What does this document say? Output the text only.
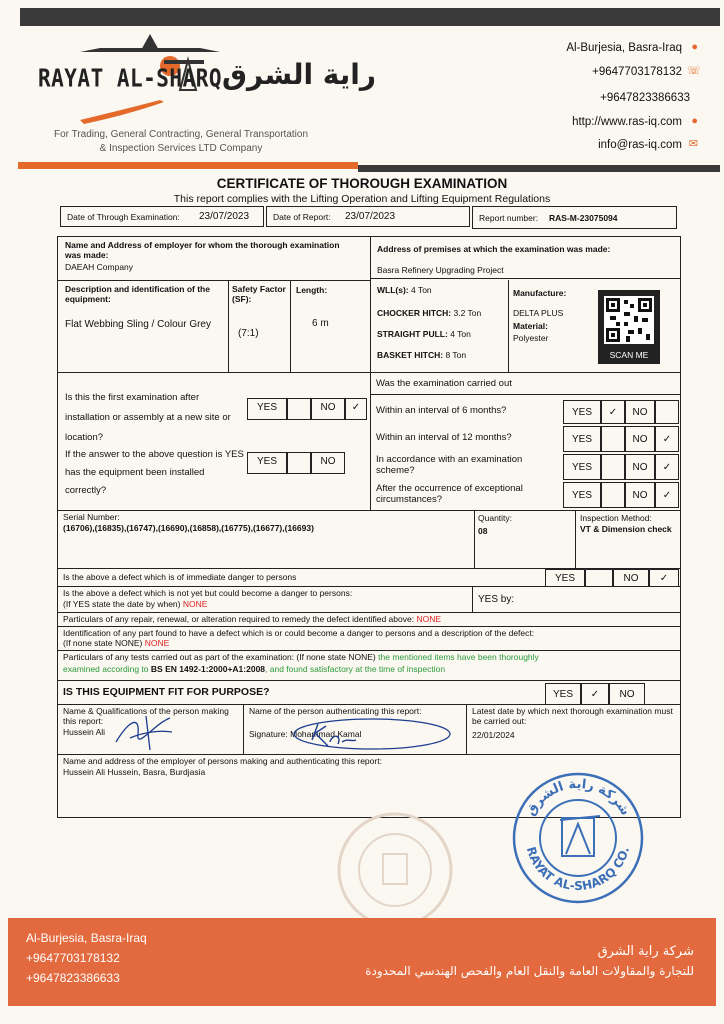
RAYAT AL-SHARQ راية الشرق
For Trading, General Contracting, General Transportation
& Inspection Services LTD Company
Al-Burjesia, Basra-Iraq ●
+9647703178132 ☏
+9647823386633
http://www.ras-iq.com ●
info@ras-iq.com ✉
CERTIFICATE OF THOROUGH EXAMINATION
This report complies with the Lifting Operation and Lifting Equipment Regulations
Date of Through Examination: 23/07/2023	Date of Report: 23/07/2023	Report number: RAS-M-23075094
Name and Address of employer for whom the thorough examination was made:
DAEAH Company
Address of premises at which the examination was made:
Basra Refinery Upgrading Project
Description and identification of the equipment:
Flat Webbing Sling / Colour Grey
Safety Factor (SF):
(7:1)
Length:
6 m
WLL(s): 4 Ton
CHOCKER HITCH: 3.2 Ton
STRAIGHT PULL: 4 Ton
BASKET HITCH: 8 Ton
Manufacture:
DELTA PLUS
Material:
Polyester
SCAN ME
Is this the first examination after installation or assembly at a new site or location?
YES	NO	✓
If the answer to the above question is YES has the equipment been installed correctly?
YES	NO
Was the examination carried out
Within an interval of 6 months?	YES	✓	NO
Within an interval of 12 months?	YES	NO	✓
In accordance with an examination scheme?	YES	NO	✓
After the occurrence of exceptional circumstances?	YES	NO	✓
Serial Number:
(16706),(16835),(16747),(16690),(16858),(16775),(16677),(16693)
Quantity:
08
Inspection Method:
VT & Dimension check
Is the above a defect which is of immediate danger to persons	YES	NO	✓
Is the above a defect which is not yet but could become a danger to persons:
(If YES state the date by when) NONE	YES by:
Particulars of any repair, renewal, or alteration required to remedy the defect identified above: NONE
Identification of any part found to have a defect which is or could become a danger to persons and a description of the defect:
(If none state NONE) NONE
Particulars of any tests carried out as part of the examination: (If none state NONE) the mentioned items have been thoroughly
examined according to BS EN 1492-1:2000+A1:2008, and found satisfactory at the time of inspection
IS THIS EQUIPMENT FIT FOR PURPOSE?	YES	✓	NO
Name & Qualifications of the person making this report:
Hussein Ali
Name of the person authenticating this report:
Signature: Mohammad Kamal
Latest date by which next thorough examination must be carried out:
22/01/2024
Name and address of the employer of persons making and authenticating this report:
Hussein Ali Hussein, Basra, Burdjasia
شركة راية الشرق
RAYAT AL-SHARQ CO.
Al-Burjesia, Basra-Iraq
+9647703178132
+9647823386633
شركة راية الشرق
للتجارة والمقاولات العامة والنقل العام والفحص الهندسي المحدودة
